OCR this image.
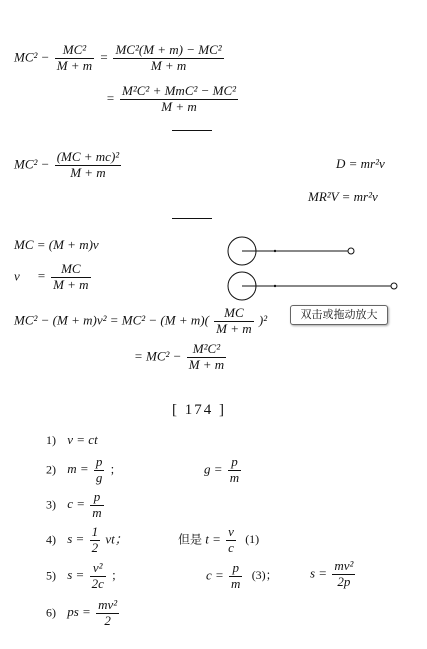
$MC^2 - \frac{\text{MC²}}{M + m} = \frac{\text{MC²(M + m) − MC²}}{M + m}$
= $\frac{\text{M²C² + MmC² − MC²}}{M + m}$
$MC^2 - \frac{\text{(MC + mc)²}}{M + m}$	D = mr²v
MR²V = mr²v
MC = (M + m)v
$v = \frac{MC}{M + m}$
$MC^2 - (M + m)v^2 = MC^2 - (M + m)( \frac{MC}{M + m} )^2$
= $MC^2 - \frac{\text{M²C²}}{M + m}$
[ 174 ]
1) v = ct
2) $m = \frac{p}{g}$ ；	$g = \frac{p}{m}$
3) $c = \frac{p}{m}$
4) $s = \frac{1}{2}$ vt；	但是 $t = \frac{v}{c} (1)$
5) $s = \frac{\text{v²}}{2c}$ ；	$c = \frac{p}{m} (3)$； $s = \frac{\text{mv²}}{2p}$
6) ps = $\frac{\text{mv²}}{2}$
双击或拖动放大
